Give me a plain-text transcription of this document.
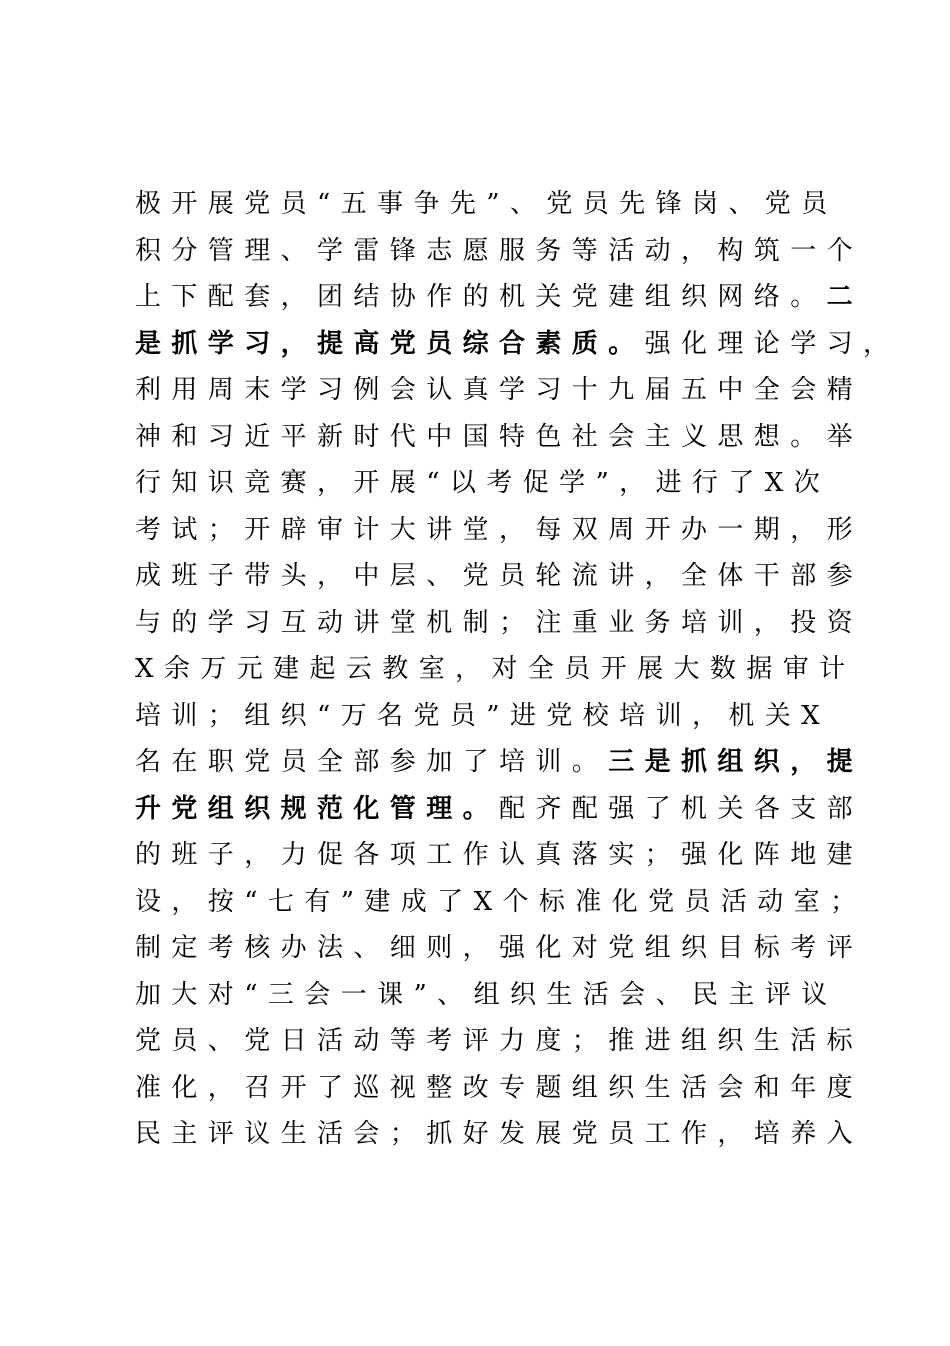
极开展党员“五事争先”、党员先锋岗、党员
积分管理、学雷锋志愿服务等活动，构筑一个
上下配套，团结协作的机关党建组织网络。二
是抓学习，提高党员综合素质。强化理论学习，
利用周末学习例会认真学习十九届五中全会精
神和习近平新时代中国特色社会主义思想。举
行知识竞赛，开展“以考促学”，进行了X次
考试；开辟审计大讲堂，每双周开办一期，形
成班子带头，中层、党员轮流讲，全体干部参
与的学习互动讲堂机制；注重业务培训，投资
X余万元建起云教室，对全员开展大数据审计
培训；组织“万名党员”进党校培训，机关X
名在职党员全部参加了培训。三是抓组织，提
升党组织规范化管理。配齐配强了机关各支部
的班子，力促各项工作认真落实；强化阵地建
设，按“七有”建成了X个标准化党员活动室；
制定考核办法、细则，强化对党组织目标考评
加大对“三会一课”、组织生活会、民主评议
党员、党日活动等考评力度；推进组织生活标
准化，召开了巡视整改专题组织生活会和年度
民主评议生活会；抓好发展党员工作，培养入
